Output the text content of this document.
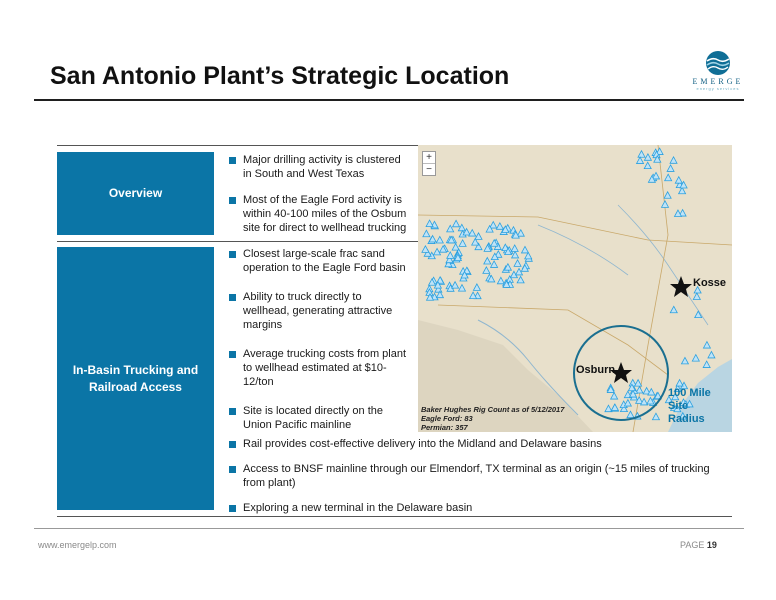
San Antonio Plant’s Strategic Location	EMERGE
energy services
Overview
Major drilling activity is clustered in South and West Texas
Most of the Eagle Ford activity is within 40-100 miles of the Osbum site for direct to wellhead trucking
In-Basin Trucking and Railroad Access
Closest large-scale frac sand operation to the Eagle Ford basin
Ability to truck directly to wellhead, generating attractive margins
Average trucking costs from plant to wellhead estimated at $10-12/ton
Site is located directly on the Union Pacific mainline
Rail provides cost-effective delivery into the Midland and Delaware basins
Access to BNSF mainline through our Elmendorf, TX terminal as an origin (~15 miles of trucking from plant)
Exploring a new terminal in the Delaware basin
+
−
Kosse
Osburn
100 Mile Site
Radius
Baker Hughes Rig Count as of 5/12/2017
Eagle Ford: 83
Permian: 357
www.emergelp.com	PAGE 19
